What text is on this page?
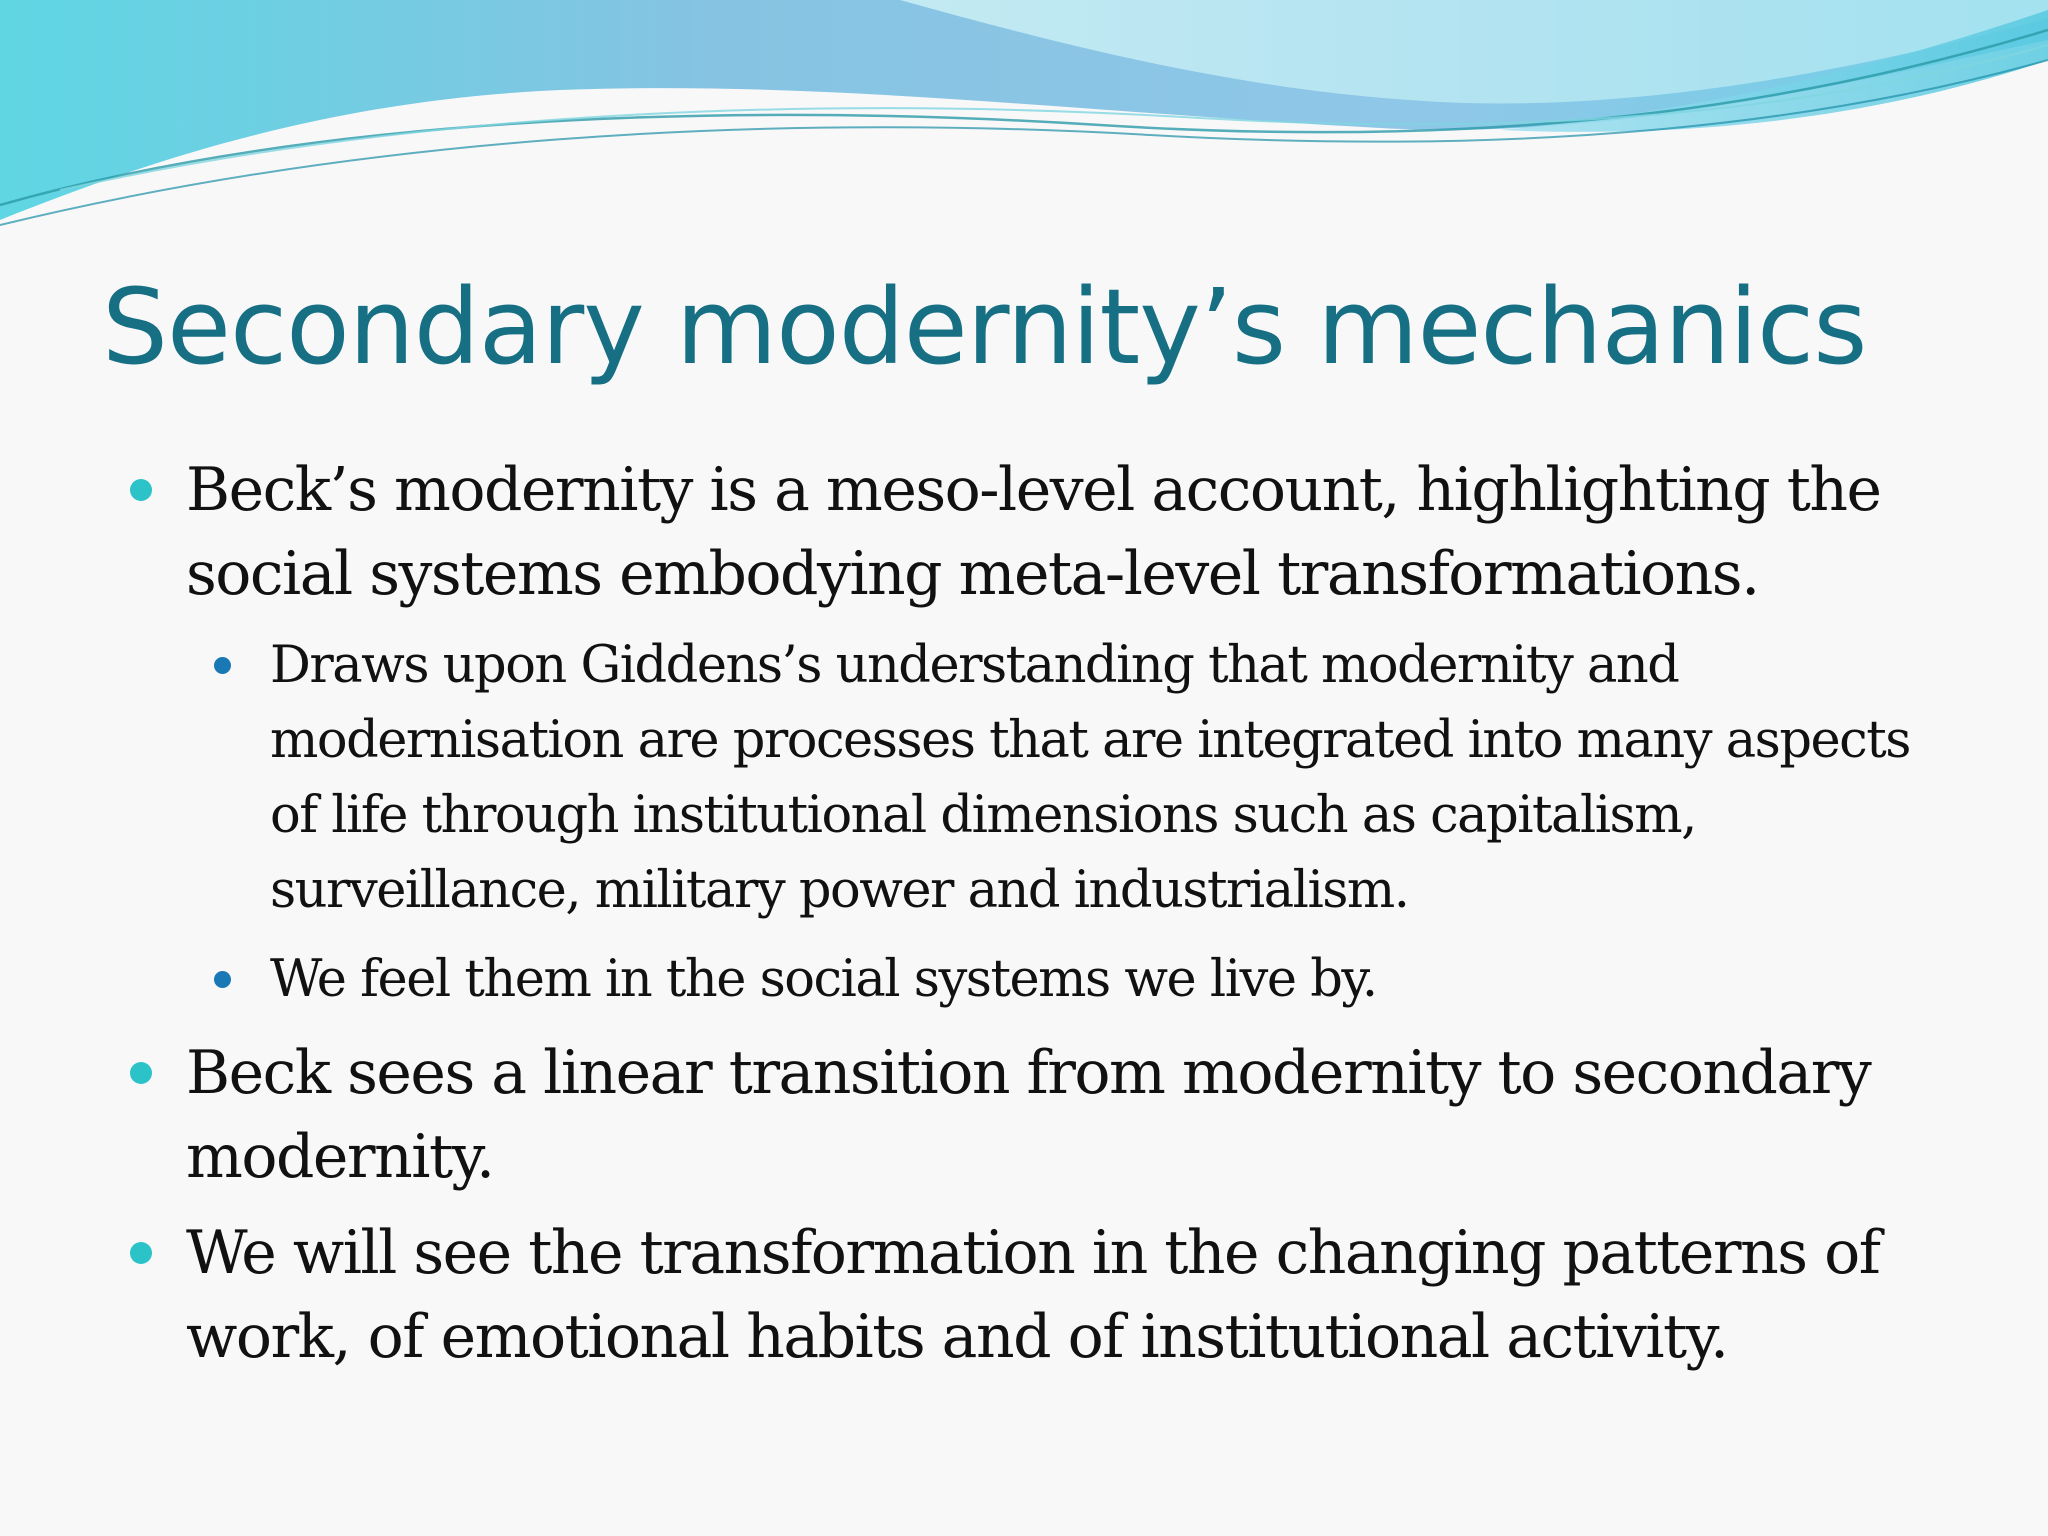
Secondary modernity’s mechanics
Beck’s modernity is a meso-level account, highlighting the social systems embodying meta-level transformations.
Draws upon Giddens’s understanding that modernity and modernisation are processes that are integrated into many aspects of life through institutional dimensions such as capitalism, surveillance, military power and industrialism.
We feel them in the social systems we live by.
Beck sees a linear transition from modernity to secondary modernity.
We will see the transformation in the changing patterns of work, of emotional habits and of institutional activity.
